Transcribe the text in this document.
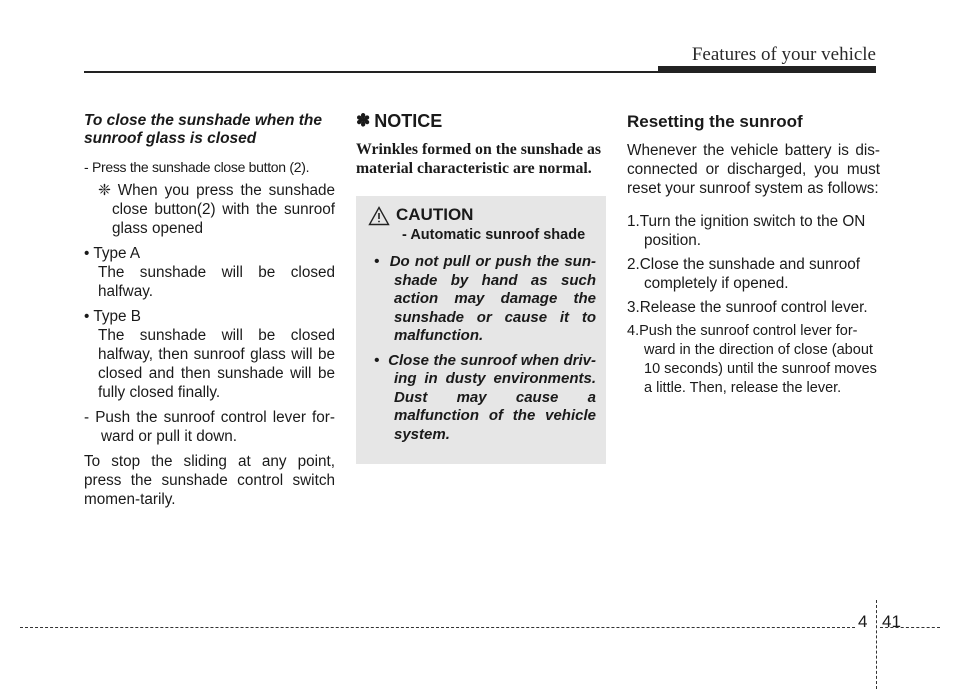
Features of your vehicle
To close the sunshade when the sunroof glass is closed
- Press the sunshade close button (2).
❈ When you press the sunshade close button(2) with the sunroof glass opened
• Type A
The sunshade will be closed halfway.
• Type B
The sunshade will be closed halfway, then sunroof glass will be closed and then sunshade will be fully closed finally.
- Push the sunroof control lever for-ward or pull it down.
To stop the sliding at any point, press the sunshade control switch momen-tarily.
✽ NOTICE
Wrinkles formed on the sunshade as material characteristic are normal.
CAUTION
- Automatic sunroof shade
•  Do not pull or push the sun-shade by hand as such action may damage the sunshade or cause it to malfunction.
•  Close the sunroof when driv-ing in dusty environments. Dust may cause a malfunction of the vehicle system.
Resetting the sunroof
Whenever the vehicle battery is dis-connected or discharged, you must reset your sunroof system as follows:
1.Turn the ignition switch to the ON position.
2.Close the sunshade and sunroof completely if opened.
3.Release the sunroof control lever.
4.Push the sunroof control lever for-ward in the direction of close (about 10 seconds) until the sunroof moves a little. Then, release the lever.
4 41
